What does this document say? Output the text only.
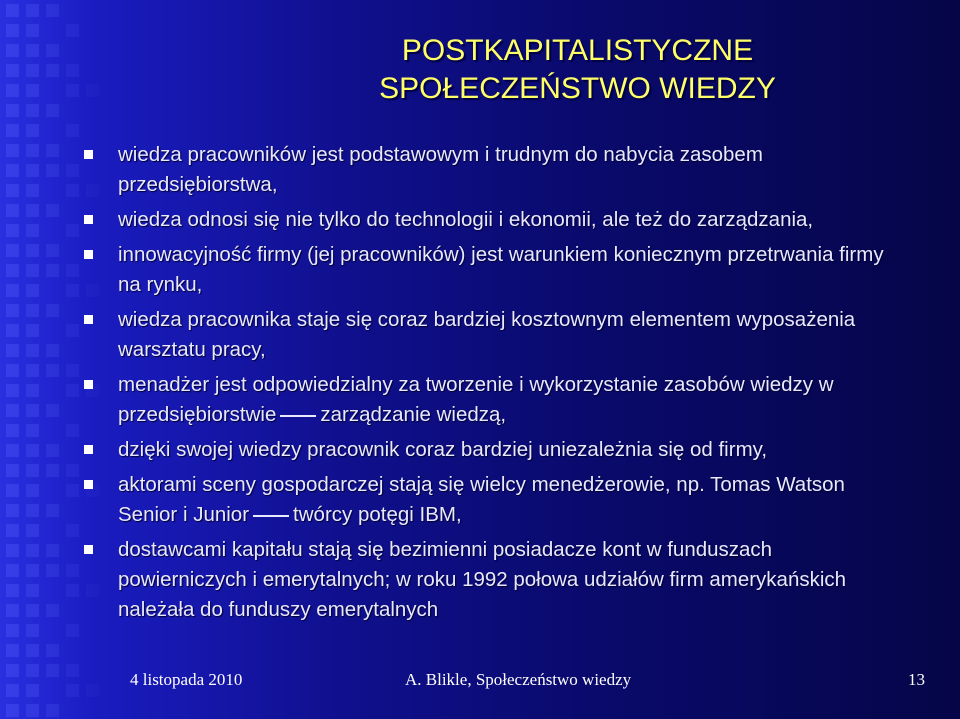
POSTKAPITALISTYCZNE
SPOŁECZEŃSTWO WIEDZY
wiedza pracowników jest podstawowym i trudnym do nabycia zasobem przedsiębiorstwa,
wiedza odnosi się nie tylko do technologii i ekonomii, ale też do zarządzania,
innowacyjność firmy (jej pracowników) jest warunkiem koniecznym przetrwania firmy na rynku,
wiedza pracownika staje się coraz bardziej kosztownym elementem wyposażenia warsztatu pracy,
menadżer jest odpowiedzialny za tworzenie i wykorzystanie zasobów wiedzy w przedsiębiorstwie zarządzanie wiedzą,
dzięki swojej wiedzy pracownik coraz bardziej uniezależnia się od firmy,
aktorami sceny gospodarczej stają się wielcy menedżerowie, np. Tomas Watson Senior i Junior twórcy potęgi IBM,
dostawcami kapitału stają się bezimienni posiadacze kont w funduszach powierniczych i emerytalnych; w roku 1992 połowa udziałów firm amerykańskich należała do funduszy emerytalnych
4 listopada 2010	A. Blikle, Społeczeństwo wiedzy	13
